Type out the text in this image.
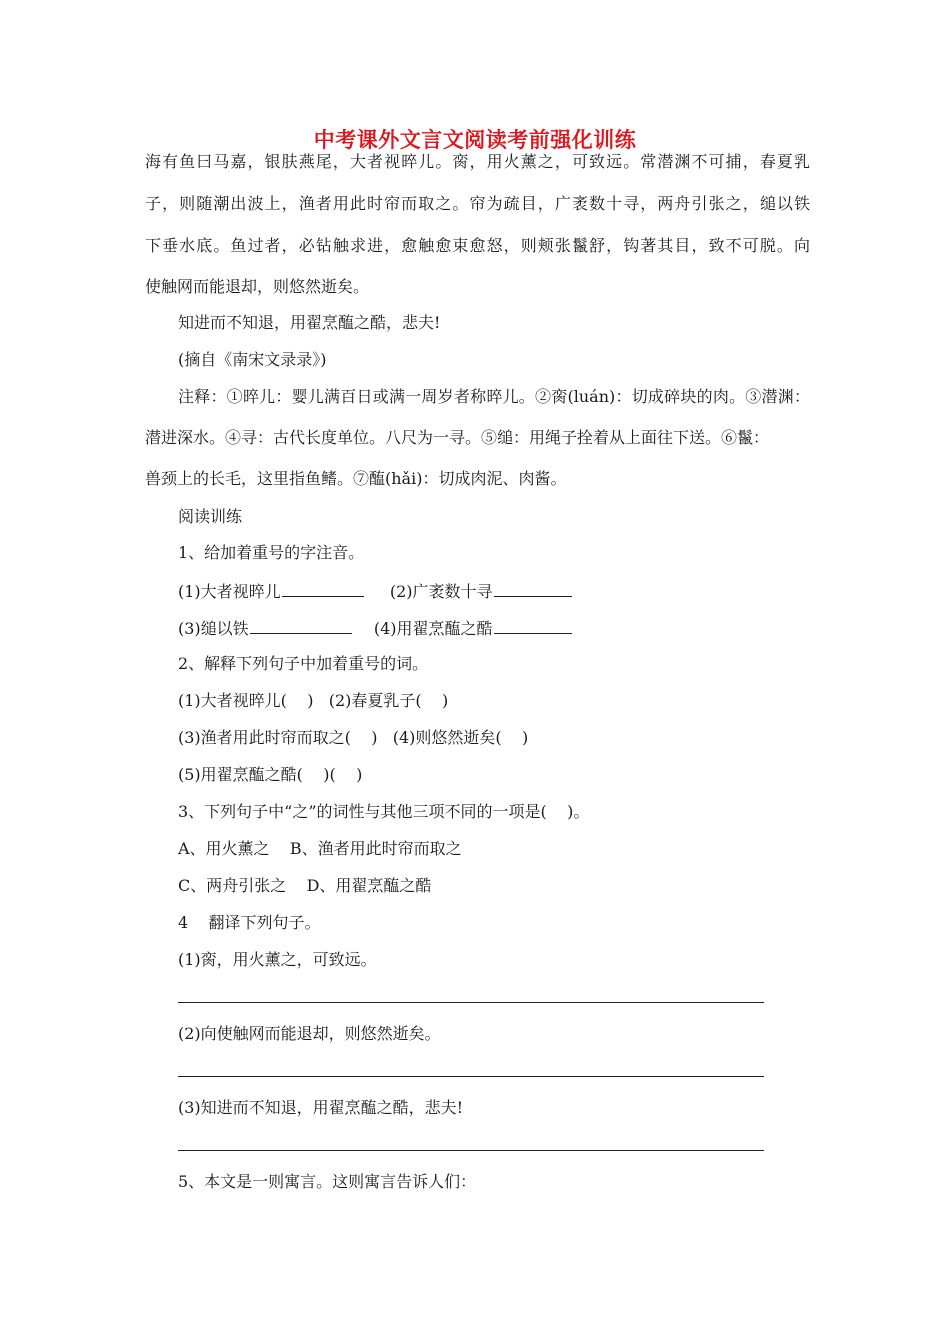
中考课外文言文阅读考前强化训练
海有鱼曰马嘉，银肤燕尾，大者视晬儿。脔，用火薰之，可致远。常潜渊不可捕，春夏乳
子，则随潮出波上，渔者用此时帘而取之。帘为疏目，广袤数十寻，两舟引张之，缒以铁
下垂水底。鱼过者，必钻触求进，愈触愈束愈怒，则颊张鬣舒，钩著其目，致不可脱。向
使触网而能退却，则悠然逝矣。
知进而不知退，用翟烹醢之酷，悲夫!
(摘自《南宋文录录》)
注释：①晬儿：婴儿满百日或满一周岁者称晬儿。②脔(luán)：切成碎块的肉。③潜渊：
潜进深水。④寻：古代长度单位。八尺为一寻。⑤缒：用绳子拴着从上面往下送。⑥鬣：
兽颈上的长毛，这里指鱼鳍。⑦醢(hǎi)：切成肉泥、肉酱。
阅读训练
1、给加着重号的字注音。
(1)大者视晬儿	(2)广袤数十寻
(3)缒以铁	(4)用翟烹醢之酷
2、解释下列句子中加着重号的词。
(1)大者视晬儿(    )   (2)春夏乳子(    )
(3)渔者用此时帘而取之(    )   (4)则悠然逝矣(    )
(5)用翟烹醢之酷(    )(    )
3、下列句子中“之”的词性与其他三项不同的一项是(    )。
A、用火薰之    B、渔者用此时帘而取之
C、两舟引张之    D、用翟烹醢之酷
4    翻译下列句子。
(1)脔，用火薰之，可致远。
(2)向使触网而能退却，则悠然逝矣。
(3)知进而不知退，用翟烹醢之酷，悲夫!
5、本文是一则寓言。这则寓言告诉人们：
